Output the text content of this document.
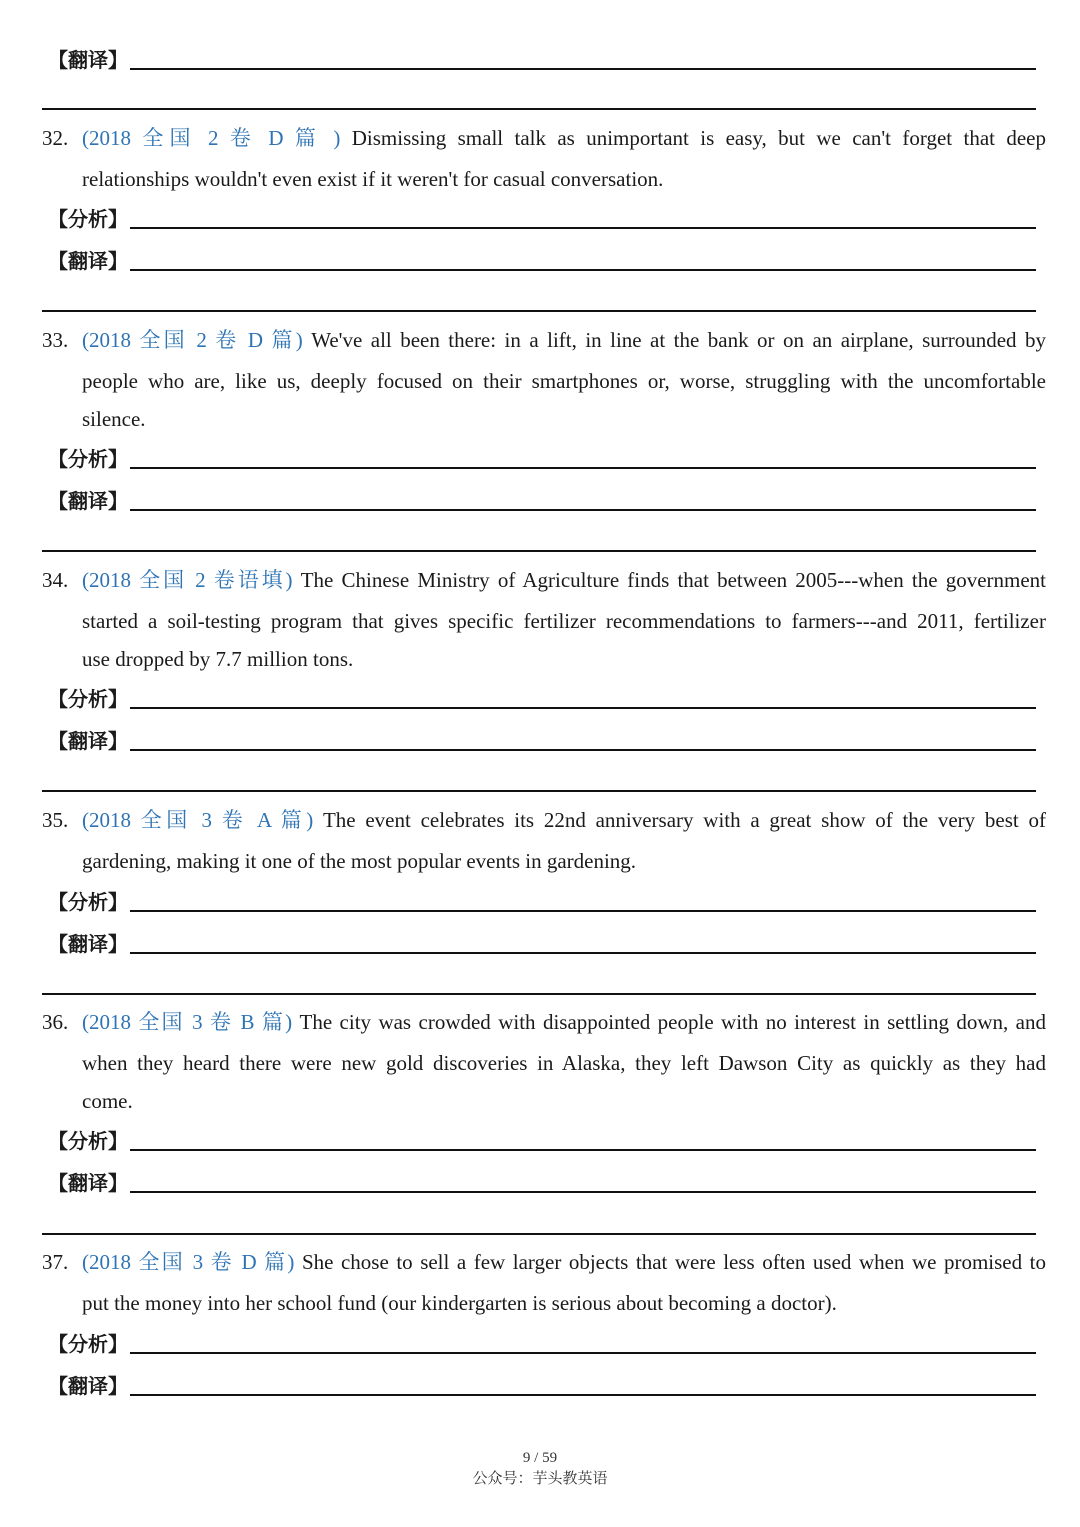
【翻译】
32. (2018 全国 2 卷 D 篇 ) Dismissing small talk as unimportant is easy, but we can't forget that deep
relationships wouldn't even exist if it weren't for casual conversation.
【分析】
【翻译】
33. (2018 全国 2 卷 D 篇) We've all been there: in a lift, in line at the bank or on an airplane, surrounded by
people who are, like us, deeply focused on their smartphones or, worse, struggling with the uncomfortable
silence.
【分析】
【翻译】
34. (2018 全国 2 卷语填) The Chinese Ministry of Agriculture finds that between 2005---when the government
started a soil-testing program that gives specific fertilizer recommendations to farmers---and 2011, fertilizer
use dropped by 7.7 million tons.
【分析】
【翻译】
35. (2018 全国 3 卷 A 篇) The event celebrates its 22nd anniversary with a great show of the very best of
gardening, making it one of the most popular events in gardening.
【分析】
【翻译】
36. (2018 全国 3 卷 B 篇) The city was crowded with disappointed people with no interest in settling down, and
when they heard there were new gold discoveries in Alaska, they left Dawson City as quickly as they had
come.
【分析】
【翻译】
37. (2018 全国 3 卷 D 篇) She chose to sell a few larger objects that were less often used when we promised to
put the money into her school fund (our kindergarten is serious about becoming a doctor).
【分析】
【翻译】
9 / 59
公众号：芋头教英语
